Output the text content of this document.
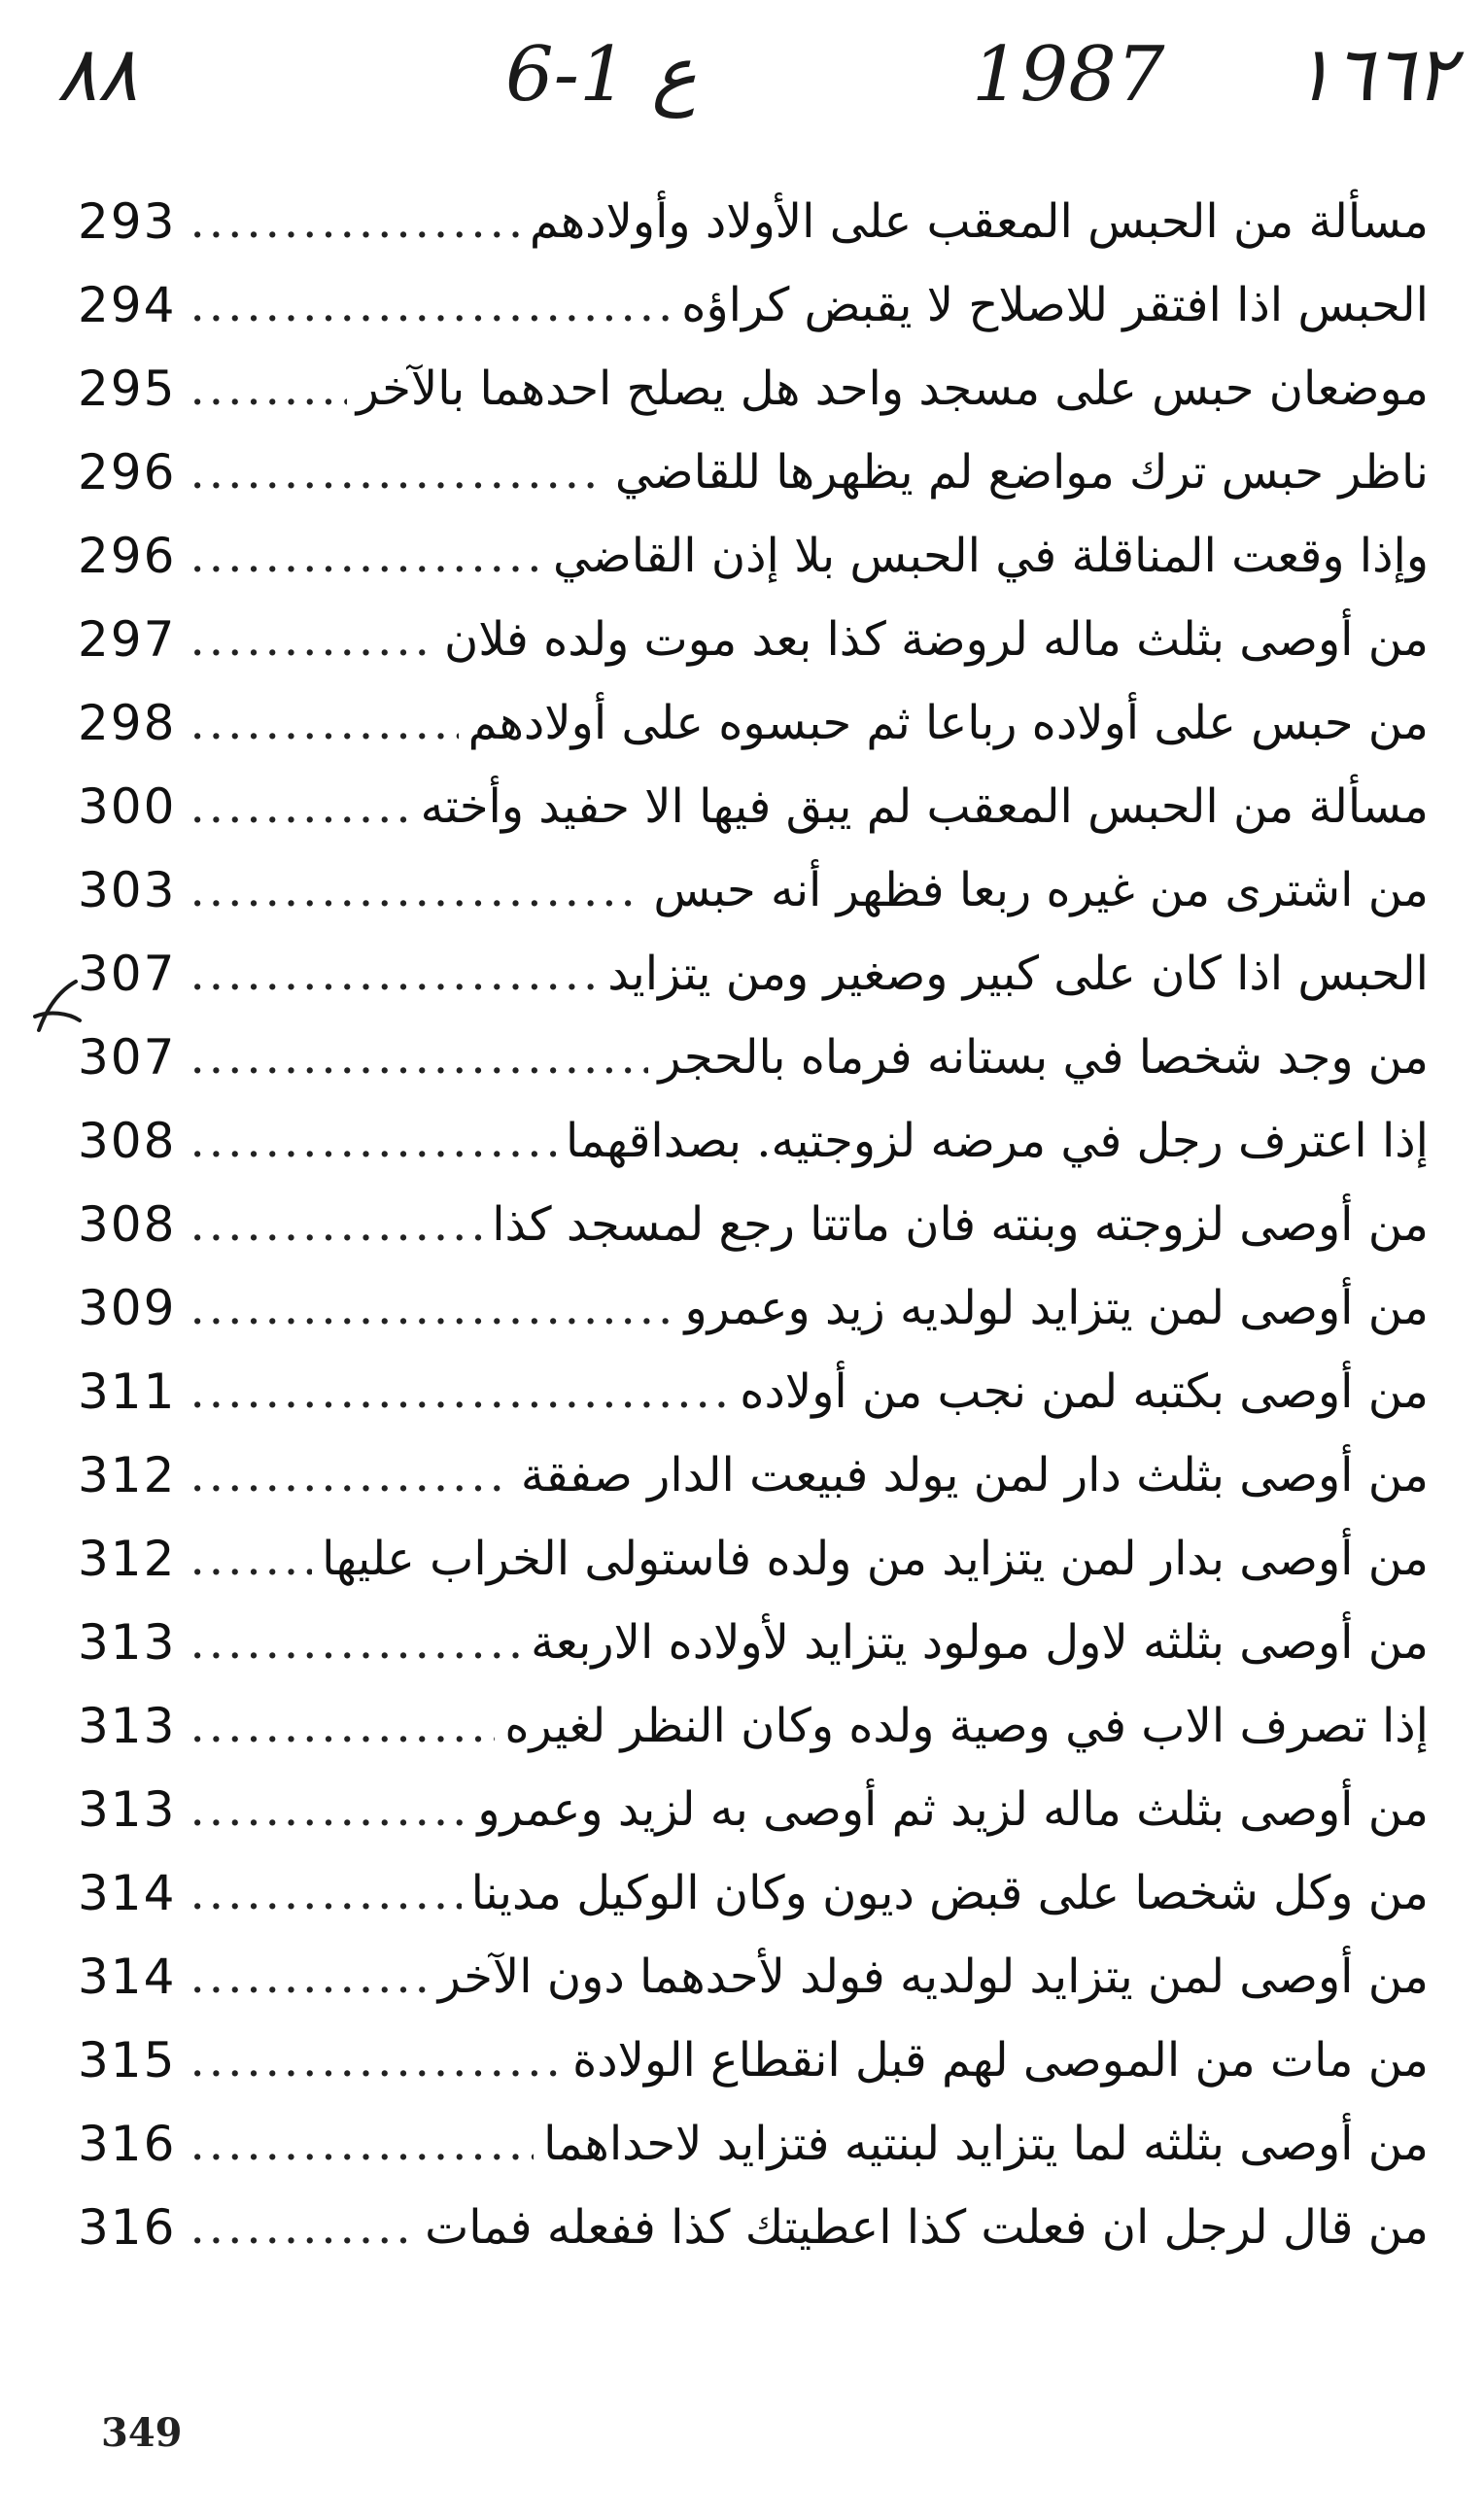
١٦٦٢
1987
ع 1-6
٨٨
.....
مسألة من الحبس المعقب على الأولاد وأولادهم
293
.....
الحبس اذا افتقر للاصلاح لا يقبض كراؤه
294
.....
موضعان حبس على مسجد واحد هل يصلح احدهما بالآخر
295
.....
ناظر حبس ترك مواضع لم يظهرها للقاضي
296
.....
وإذا وقعت المناقلة في الحبس بلا إذن القاضي
296
.....
من أوصى بثلث ماله لروضة كذا بعد موت ولده فلان
297
.....
من حبس على أولاده رباعا ثم حبسوه على أولادهم
298
.....
مسألة من الحبس المعقب لم يبق فيها الا حفيد وأخته
300
.....
من اشترى من غيره ربعا فظهر أنه حبس
303
.....
الحبس اذا كان على كبير وصغير ومن يتزايد
307
.....
من وجد شخصا في بستانه فرماه بالحجر
307
.....
إذا اعترف رجل في مرضه لزوجتيه. بصداقهما
308
.....
من أوصى لزوجته وبنته فان ماتتا رجع لمسجد كذا
308
.....
من أوصى لمن يتزايد لولديه زيد وعمرو
309
.....
من أوصى بكتبه لمن نجب من أولاده
311
.....
من أوصى بثلث دار لمن يولد فبيعت الدار صفقة
312
.....
من أوصى بدار لمن يتزايد من ولده فاستولى الخراب عليها
312
.....
من أوصى بثلثه لاول مولود يتزايد لأولاده الاربعة
313
.....
إذا تصرف الاب في وصية ولده وكان النظر لغيره
313
.....
من أوصى بثلث ماله لزيد ثم أوصى به لزيد وعمرو
313
.....
من وكل شخصا على قبض ديون وكان الوكيل مدينا
314
.....
من أوصى لمن يتزايد لولديه فولد لأحدهما دون الآخر
314
.....
من مات من الموصى لهم قبل انقطاع الولادة
315
.....
من أوصى بثلثه لما يتزايد لبنتيه فتزايد لاحداهما
316
.....
من قال لرجل ان فعلت كذا اعطيتك كذا ففعله فمات
316
349
